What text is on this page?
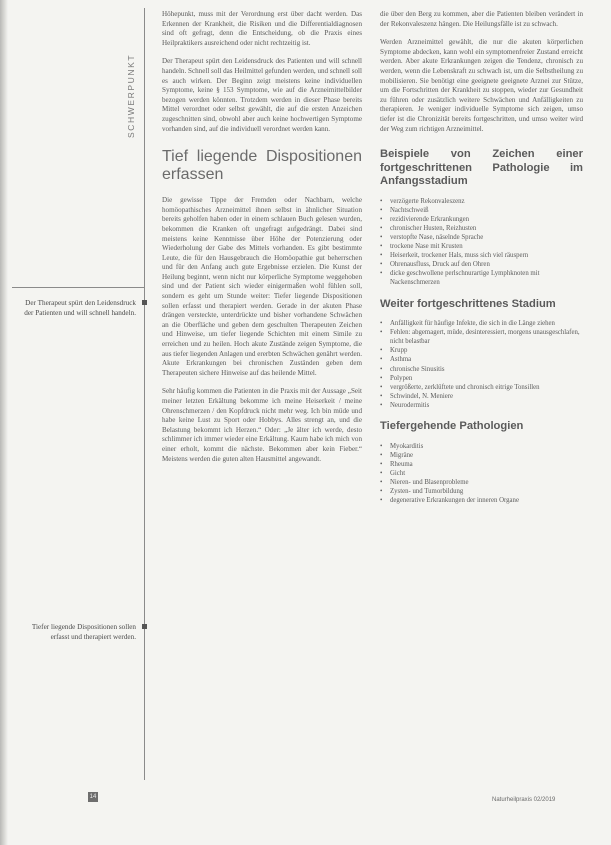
SCHWERPUNKT
Der Therapeut spürt den Leidensdruck der Patienten und will schnell handeln.
Tiefer liegende Dispositionen sollen erfasst und therapiert werden.

Höhepunkt, muss mit der Verordnung erst über dacht werden. Das Erkennen der Krankheit, die Risiken und die Differentialdiagnosen sind oft gefragt, denn die Entscheidung, ob die Praxis eines Heilpraktikers ausreichend oder nicht rechtzeitig ist.

Der Therapeut spürt den Leidensdruck des Patienten und will schnell handeln. Schnell soll das Heilmittel gefunden werden, und schnell soll es auch wirken. Der Beginn zeigt meistens keine individuellen Symptome, keine § 153 Symptome, wie auf die Arzneimittelbilder bezogen werden könnten. Trotzdem werden in dieser Phase bereits Mittel verordnet oder selbst gewählt, die auf die ersten Anzeichen zugeschnitten sind, obwohl aber auch keine hochwertigen Symptome vorhanden sind, auf die individuell verordnet werden kann.

Tief liegende Dispositionen erfassen

Die gewisse Tippe der Fremden oder Nachbarn, welche homöopathisches Arzneimittel ihnen selbst in ähnlicher Situation bereits geholfen haben oder in einem schlauen Buch gelesen wurden, bekommen die Kranken oft ungefragt aufgedrängt. Dabei sind meistens keine Kenntnisse über Höhe der Potenzierung oder Wiederholung der Gabe des Mittels vorhanden. Es gibt bestimmte Leute, die für den Hausgebrauch die Homöopathie gut beherrschen und für den Anfang auch gute Ergebnisse erzielen. Die Kunst der Heilung beginnt, wenn nicht nur körperliche Symptome weggehoben sind und der Patient sich wieder einigermaßen wohl fühlen soll, sondern es geht um Stunde weiter: Tiefer liegende Dispositionen sollen erfasst und therapiert werden. Gerade in der akuten Phase drängen versteckte, unterdrückte und bisher vorhandene Schwächen an die Oberfläche und geben dem geschulten Therapeuten Zeichen und Hinweise, um tiefer liegende Schichten mit einem Simile zu erreichen und zu heilen. Hoch akute Zustände zeigen Symptome, die aus tiefer liegenden Anlagen und ererbten Schwächen genährt werden. Akute Erkrankungen bei chronischen Zuständen geben dem Therapeuten sichere Hinweise auf das heilende Mittel.

Sehr häufig kommen die Patienten in die Praxis mit der Aussage „Seit meiner letzten Erkältung bekomme ich meine Heiserkeit / meine Ohrenschmerzen / den Kopfdruck nicht mehr weg. Ich bin müde und habe keine Lust zu Sport oder Hobbys. Alles strengt an, und die Belastung bekommt ich Herzen.“ Oder: „Je älter ich werde, desto schlimmer ich immer wieder eine Erkältung. Kaum habe ich mich von einer erholt, kommt die nächste. Bekommen aber kein Fieber.“ Meistens werden die guten alten Hausmittel angewandt.

die über den Berg zu kommen, aber die Patienten bleiben verändert in der Rekonvaleszenz hängen. Die Heilungsfälle ist zu schwach.

Werden Arzneimittel gewählt, die nur die akuten körperlichen Symptome abdecken, kann wohl ein symptomenfreier Zustand erreicht werden. Aber akute Erkrankungen zeigen die Tendenz, chronisch zu werden, wenn die Lebenskraft zu schwach ist, um die Selbstheilung zu mobilisieren. Sie benötigt eine geeignete geeignete Arznei zur Stütze, um die Fortschritten der Krankheit zu stoppen, wieder zur Gesundheit zu führen oder zusätzlich weitere Schwächen und Anfälligkeiten zu therapieren. Je weniger individuelle Symptome sich zeigen, umso tiefer ist die Chronizität bereits fortgeschritten, und umso weiter wird der Weg zum richtigen Arzneimittel.

Beispiele von Zeichen einer fortgeschrittenen Pathologie im Anfangsstadium
• verzögerte Rekonvaleszenz
• Nachtschweiß
• rezidivierende Erkrankungen
• chronischer Husten, Reizhusten
• verstopfte Nase, näselnde Sprache
• trockene Nase mit Krusten
• Heiserkeit, trockener Hals, muss sich viel räuspern
• Ohrenausfluss, Druck auf den Ohren
• dicke geschwollene perlschnurartige Lymphknoten mit Nackenschmerzen
Weiter fortgeschrittenes Stadium
• Anfälligkeit für häufige Infekte, die sich in die Länge ziehen
• Fehlen: abgemagert, müde, desinteressiert, morgens unausgeschlafen, nicht belastbar
• Krupp
• Asthma
• chronische Sinusitis
• Polypen
• vergrößerte, zerklüftete und chronisch eitrige Tonsillen
• Schwindel, N. Meniere
• Neurodermitis
Tiefergehende Pathologien
• Myokarditis
• Migräne
• Rheuma
• Gicht
• Nieren- und Blasenprobleme
• Zysten- und Tumorbildung
• degenerative Erkrankungen der inneren Organe
14	Naturheilpraxis 02/2019
